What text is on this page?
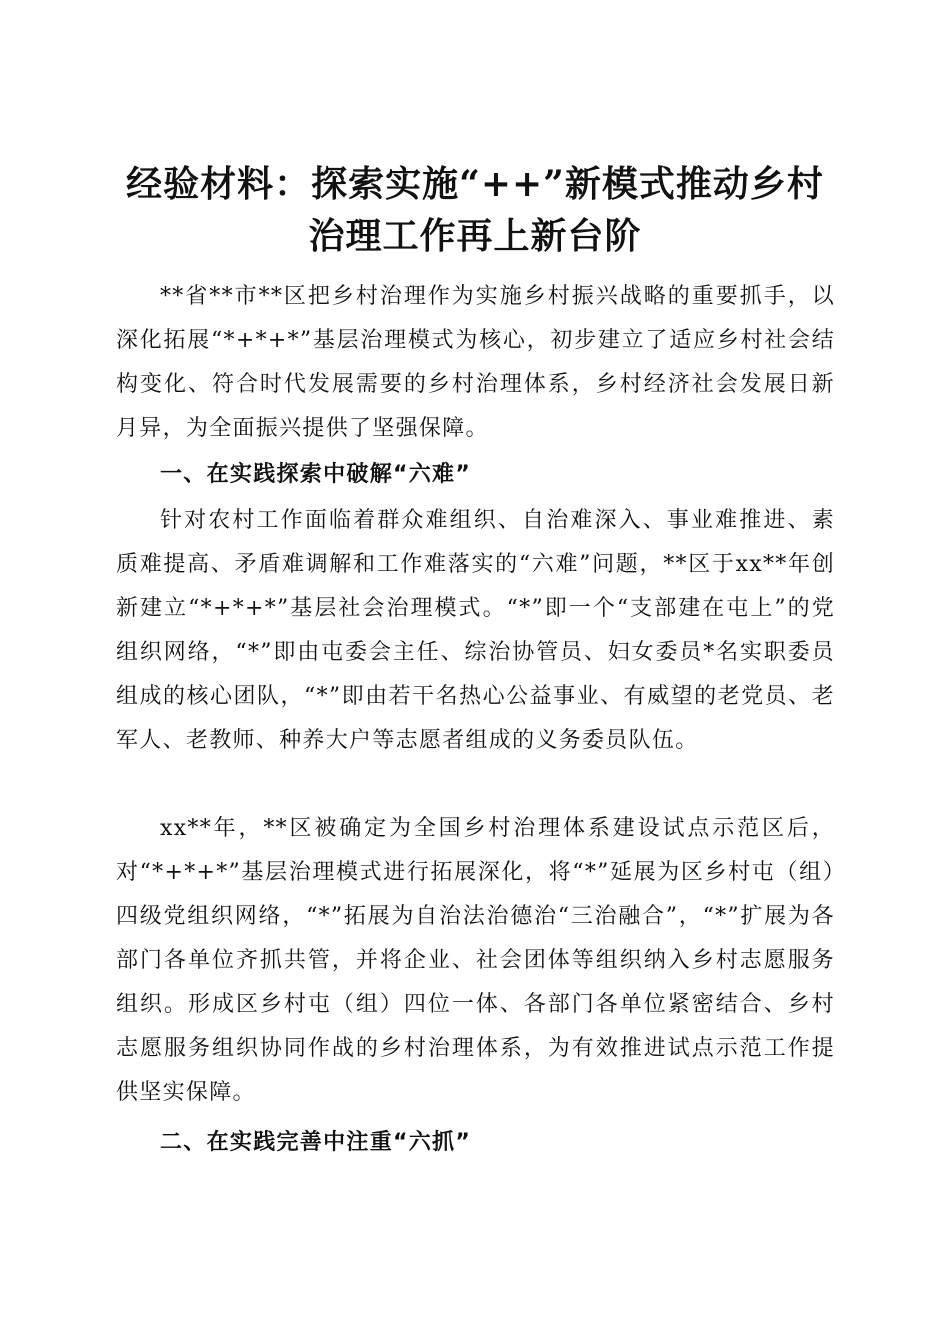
经验材料：探索实施“++”新模式推动乡村
治理工作再上新台阶

**省**市**区把乡村治理作为实施乡村振兴战略的重要抓手，以深化拓展“*+*+*”基层治理模式为核心，初步建立了适应乡村社会结构变化、符合时代发展需要的乡村治理体系，乡村经济社会发展日新月异，为全面振兴提供了坚强保障。

一、在实践探索中破解“六难”

针对农村工作面临着群众难组织、自治难深入、事业难推进、素质难提高、矛盾难调解和工作难落实的“六难”问题，**区于xx**年创新建立“*+*+*”基层社会治理模式。“*”即一个“支部建在屯上”的党组织网络，“*”即由屯委会主任、综治协管员、妇女委员*名实职委员组成的核心团队，“*”即由若干名热心公益事业、有威望的老党员、老军人、老教师、种养大户等志愿者组成的义务委员队伍。

xx**年，**区被确定为全国乡村治理体系建设试点示范区后，对“*+*+*”基层治理模式进行拓展深化，将“*”延展为区乡村屯（组）四级党组织网络，“*”拓展为自治法治德治“三治融合”，“*”扩展为各部门各单位齐抓共管，并将企业、社会团体等组织纳入乡村志愿服务组织。形成区乡村屯（组）四位一体、各部门各单位紧密结合、乡村志愿服务组织协同作战的乡村治理体系，为有效推进试点示范工作提供坚实保障。

二、在实践完善中注重“六抓”
